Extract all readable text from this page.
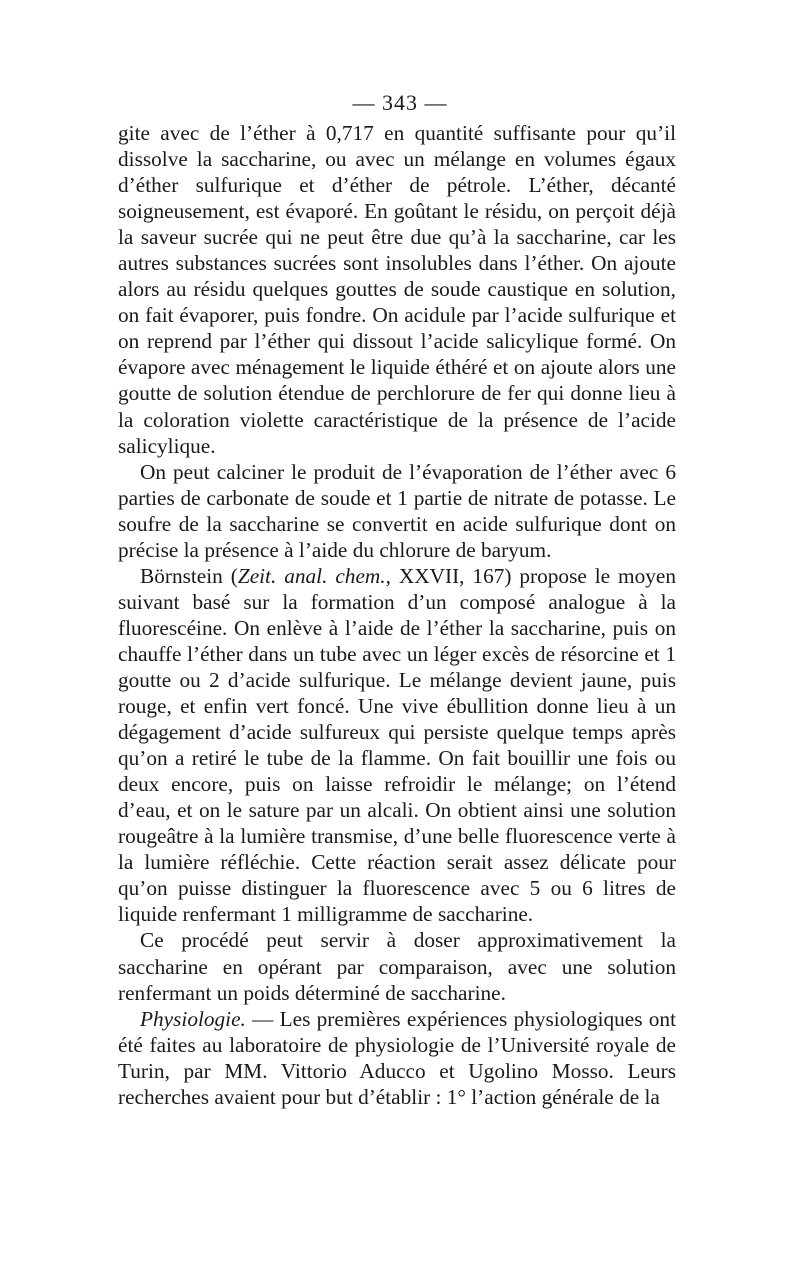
— 343 —

gite avec de l’éther à 0,717 en quantité suffisante pour qu’il dissolve la saccharine, ou avec un mélange en volumes égaux d’éther sulfurique et d’éther de pétrole. L’éther, décanté soigneusement, est évaporé. En goûtant le résidu, on perçoit déjà la saveur sucrée qui ne peut être due qu’à la saccharine, car les autres substances sucrées sont insolubles dans l’éther. On ajoute alors au résidu quelques gouttes de soude caustique en solution, on fait évaporer, puis fondre. On acidule par l’acide sulfurique et on reprend par l’éther qui dissout l’acide salicylique formé. On évapore avec ménagement le liquide éthéré et on ajoute alors une goutte de solution étendue de perchlorure de fer qui donne lieu à la coloration violette caractéristique de la présence de l’acide salicylique.

On peut calciner le produit de l’évaporation de l’éther avec 6 parties de carbonate de soude et 1 partie de nitrate de potasse. Le soufre de la saccharine se convertit en acide sulfurique dont on précise la présence à l’aide du chlorure de baryum.

Börnstein (Zeit. anal. chem., XXVII, 167) propose le moyen suivant basé sur la formation d’un composé analogue à la fluorescéine. On enlève à l’aide de l’éther la saccharine, puis on chauffe l’éther dans un tube avec un léger excès de résorcine et 1 goutte ou 2 d’acide sulfurique. Le mélange devient jaune, puis rouge, et enfin vert foncé. Une vive ébullition donne lieu à un dégagement d’acide sulfureux qui persiste quelque temps après qu’on a retiré le tube de la flamme. On fait bouillir une fois ou deux encore, puis on laisse refroidir le mélange; on l’étend d’eau, et on le sature par un alcali. On obtient ainsi une solution rougeâtre à la lumière transmise, d’une belle fluorescence verte à la lumière réfléchie. Cette réaction serait assez délicate pour qu’on puisse distinguer la fluorescence avec 5 ou 6 litres de liquide renfermant 1 milligramme de saccharine.

Ce procédé peut servir à doser approximativement la saccharine en opérant par comparaison, avec une solution renfermant un poids déterminé de saccharine.

Physiologie. — Les premières expériences physiologiques ont été faites au laboratoire de physiologie de l’Université royale de Turin, par MM. Vittorio Aducco et Ugolino Mosso. Leurs recherches avaient pour but d’établir : 1° l’action générale de la
